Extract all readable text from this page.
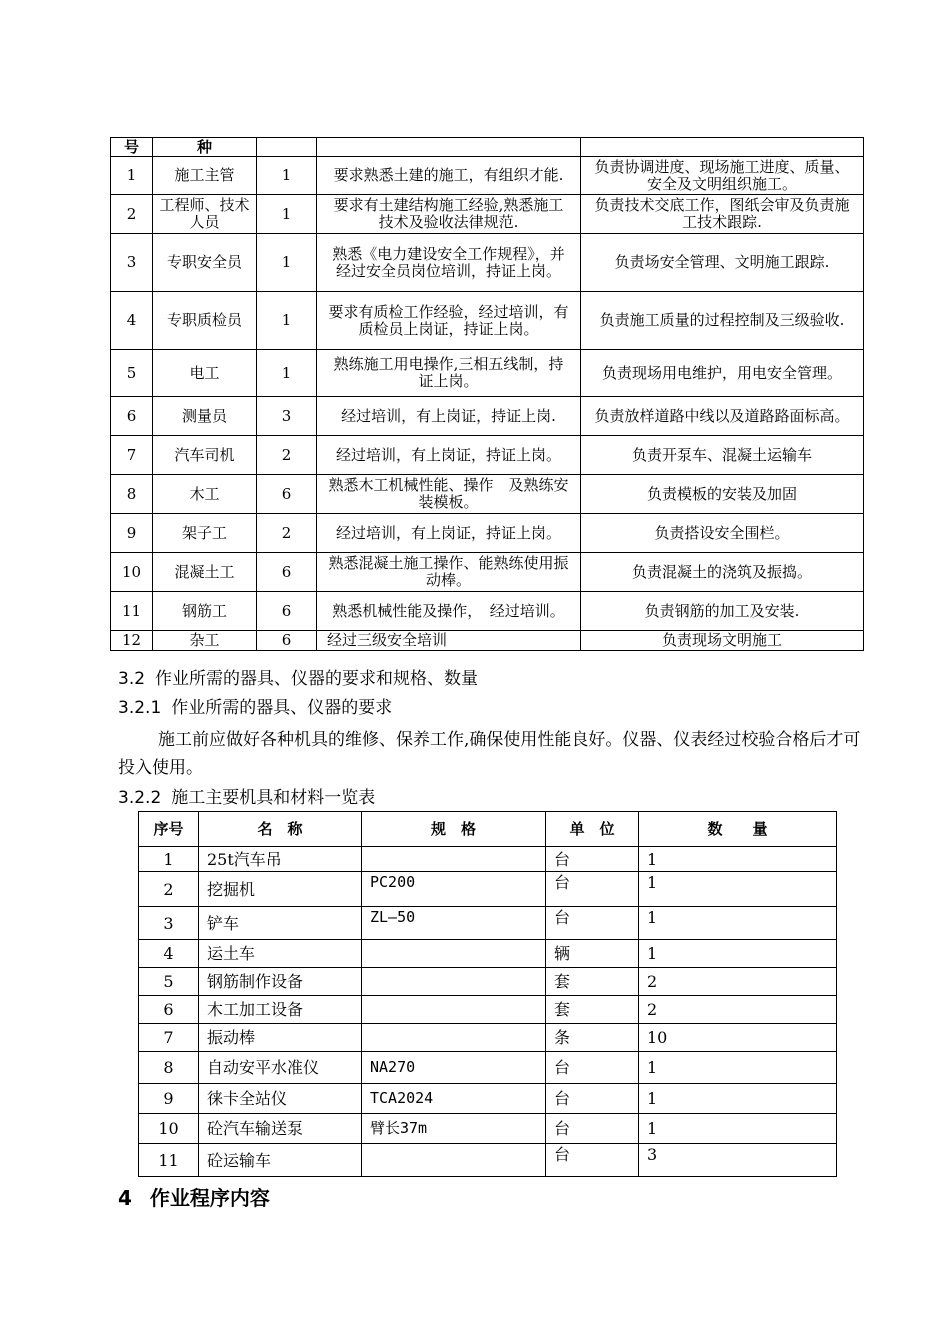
号	种			
1	施工主管	1	要求熟悉土建的施工，有组织才能.	负责协调进度、现场施工进度、质量、安全及文明组织施工。
2	工程师、技术人员	1	要求有土建结构施工经验,熟悉施工技术及验收法律规范.	负责技术交底工作，图纸会审及负责施工技术跟踪.
3	专职安全员	1	熟悉《电力建设安全工作规程》，并经过安全员岗位培训，持证上岗。	负责场安全管理、文明施工跟踪.
4	专职质检员	1	要求有质检工作经验，经过培训，有质检员上岗证，持证上岗。	负责施工质量的过程控制及三级验收.
5	电工	1	熟练施工用电操作,三相五线制，持证上岗。	负责现场用电维护，用电安全管理。
6	测量员	3	经过培训，有上岗证，持证上岗.	负责放样道路中线以及道路路面标高。
7	汽车司机	2	经过培训，有上岗证，持证上岗。	负责开泵车、混凝土运输车
8	木工	6	熟悉木工机械性能、操作　及熟练安装模板。	负责模板的安装及加固
9	架子工	2	经过培训，有上岗证，持证上岗。	负责搭设安全围栏。
10	混凝土工	6	熟悉混凝土施工操作、能熟练使用振动棒。	负责混凝土的浇筑及振捣。
11	钢筋工	6	熟悉机械性能及操作，　经过培训。	负责钢筋的加工及安装.
12	杂工	6	经过三级安全培训	负责现场文明施工
3.2 作业所需的器具、仪器的要求和规格、数量
3.2.1 作业所需的器具、仪器的要求
施工前应做好各种机具的维修、保养工作,确保使用性能良好。仪器、仪表经过校验合格后才可投入使用。
3.2.2 施工主要机具和材料一览表
序号	名　称	规　格	单　位	数　　量
1	25t汽车吊		台	1
2	挖掘机	PC200	台	1
3	铲车	ZL—50	台	1
4	运土车		辆	1
5	钢筋制作设备		套	2
6	木工加工设备		套	2
7	振动棒		条	10
8	自动安平水准仪	NA270	台	1
9	徕卡全站仪	TCA2024	台	1
10	砼汽车输送泵	臂长37m	台	1
11	砼运输车		台	3
4 作业程序内容
